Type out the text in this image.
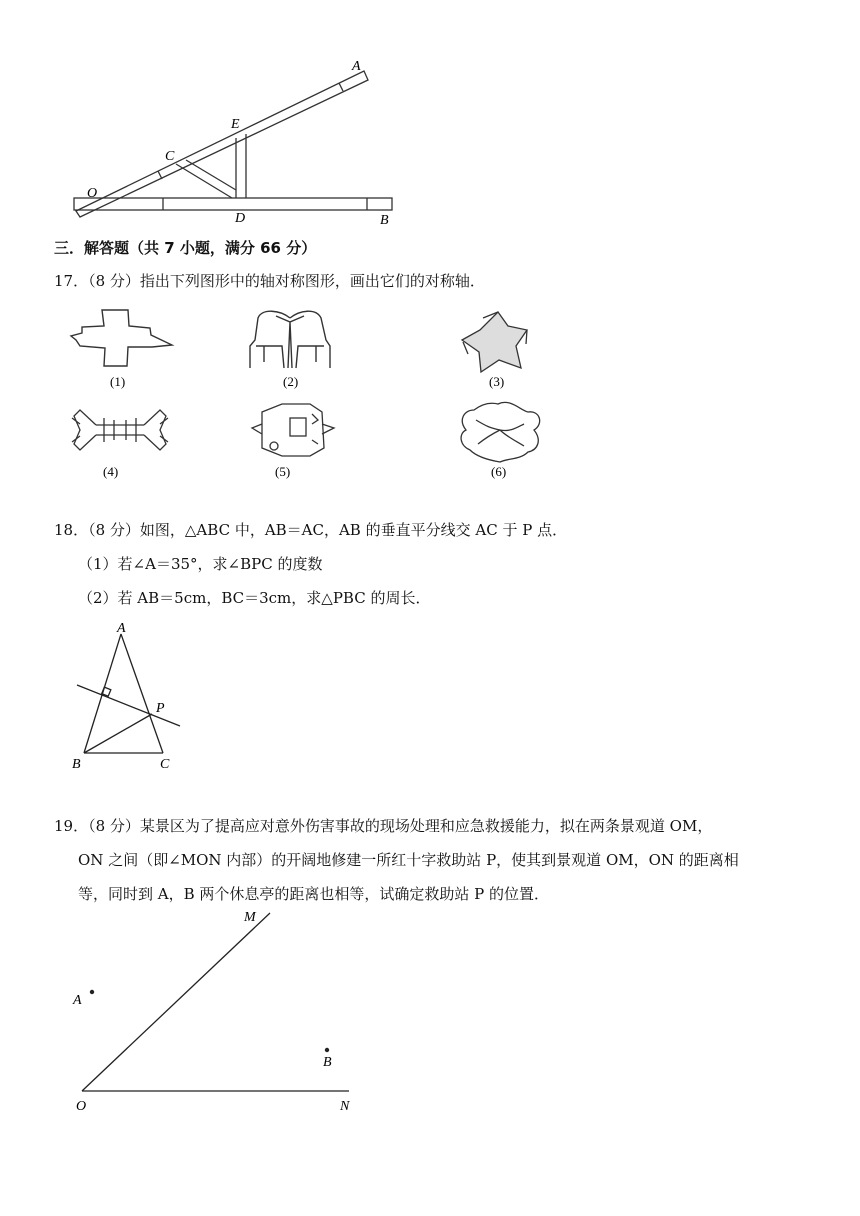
A
E
C
O
D	B
三．解答题（共 7 小题，满分 66 分）
17．（8 分）指出下列图形中的轴对称图形，画出它们的对称轴．
(1)	(2)	(3)
(4)	(5)	(6)
18．（8 分）如图，△ABC 中，AB＝AC，AB 的垂直平分线交 AC 于 P 点．
（1）若∠A＝35°，求∠BPC 的度数
（2）若 AB＝5cm，BC＝3cm，求△PBC 的周长．
A
P
B	C
19．（8 分）某景区为了提高应对意外伤害事故的现场处理和应急救援能力，拟在两条景观道 OM，
ON 之间（即∠MON 内部）的开阔地修建一所红十字救助站 P，使其到景观道 OM，ON 的距离相
等，同时到 A，B 两个休息亭的距离也相等，试确定救助站 P 的位置．
M
A
B
O	N
